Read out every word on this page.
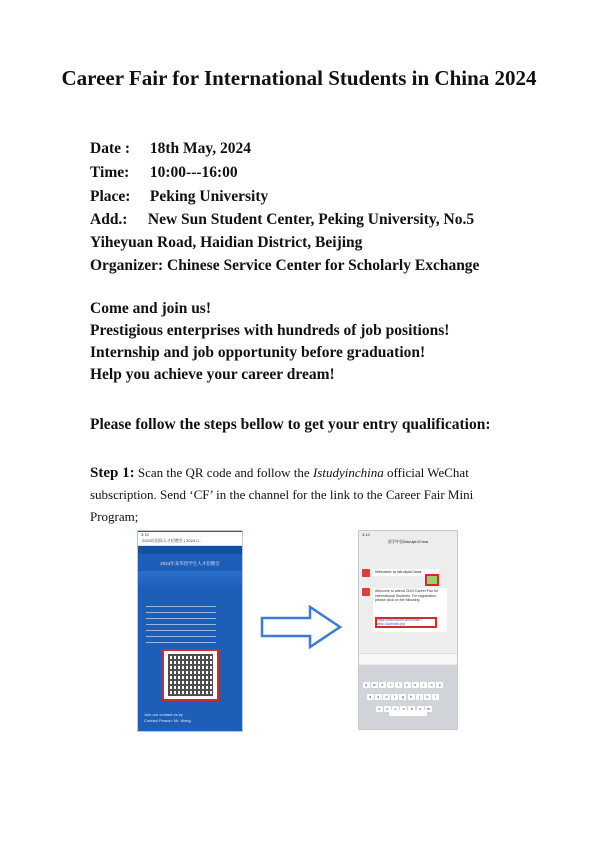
Career Fair for International Students in China 2024
Date : 18th May, 2024
Time: 10:00---16:00
Place: Peking University
Add.: New Sun Student Center, Peking University, No.5
Yiheyuan Road, Haidian District, Beijing
Organizer: Chinese Service Center for Scholarly Exchange
Come and join us!
Prestigious enterprises with hundreds of job positions!
Internship and job opportunity before graduation!
Help you achieve your career dream!
Please follow the steps bellow to get your entry qualification:
Step 1: Scan the QR code and follow the Istudyinchina official WeChat subscription. Send ‘CF’ in the channel for the link to the Career Fair Mini Program;
3:15
2024年国际人才招聘会 | 2024 C...
2024年来华留学生人才招聘会
Join our contact us by
Contact Person: Mr. Wang
3:14
留学中国IstudyinChina
Welcome to IstudyinChina
Welcome to attend 2024 Career Fair for International Students. For registration, please click on the following
https://www.hoohr.cn/mobile/?new=1&#index.jsp
q w e r t y u i o p
a s d f g h j k l
z x c v b n m
